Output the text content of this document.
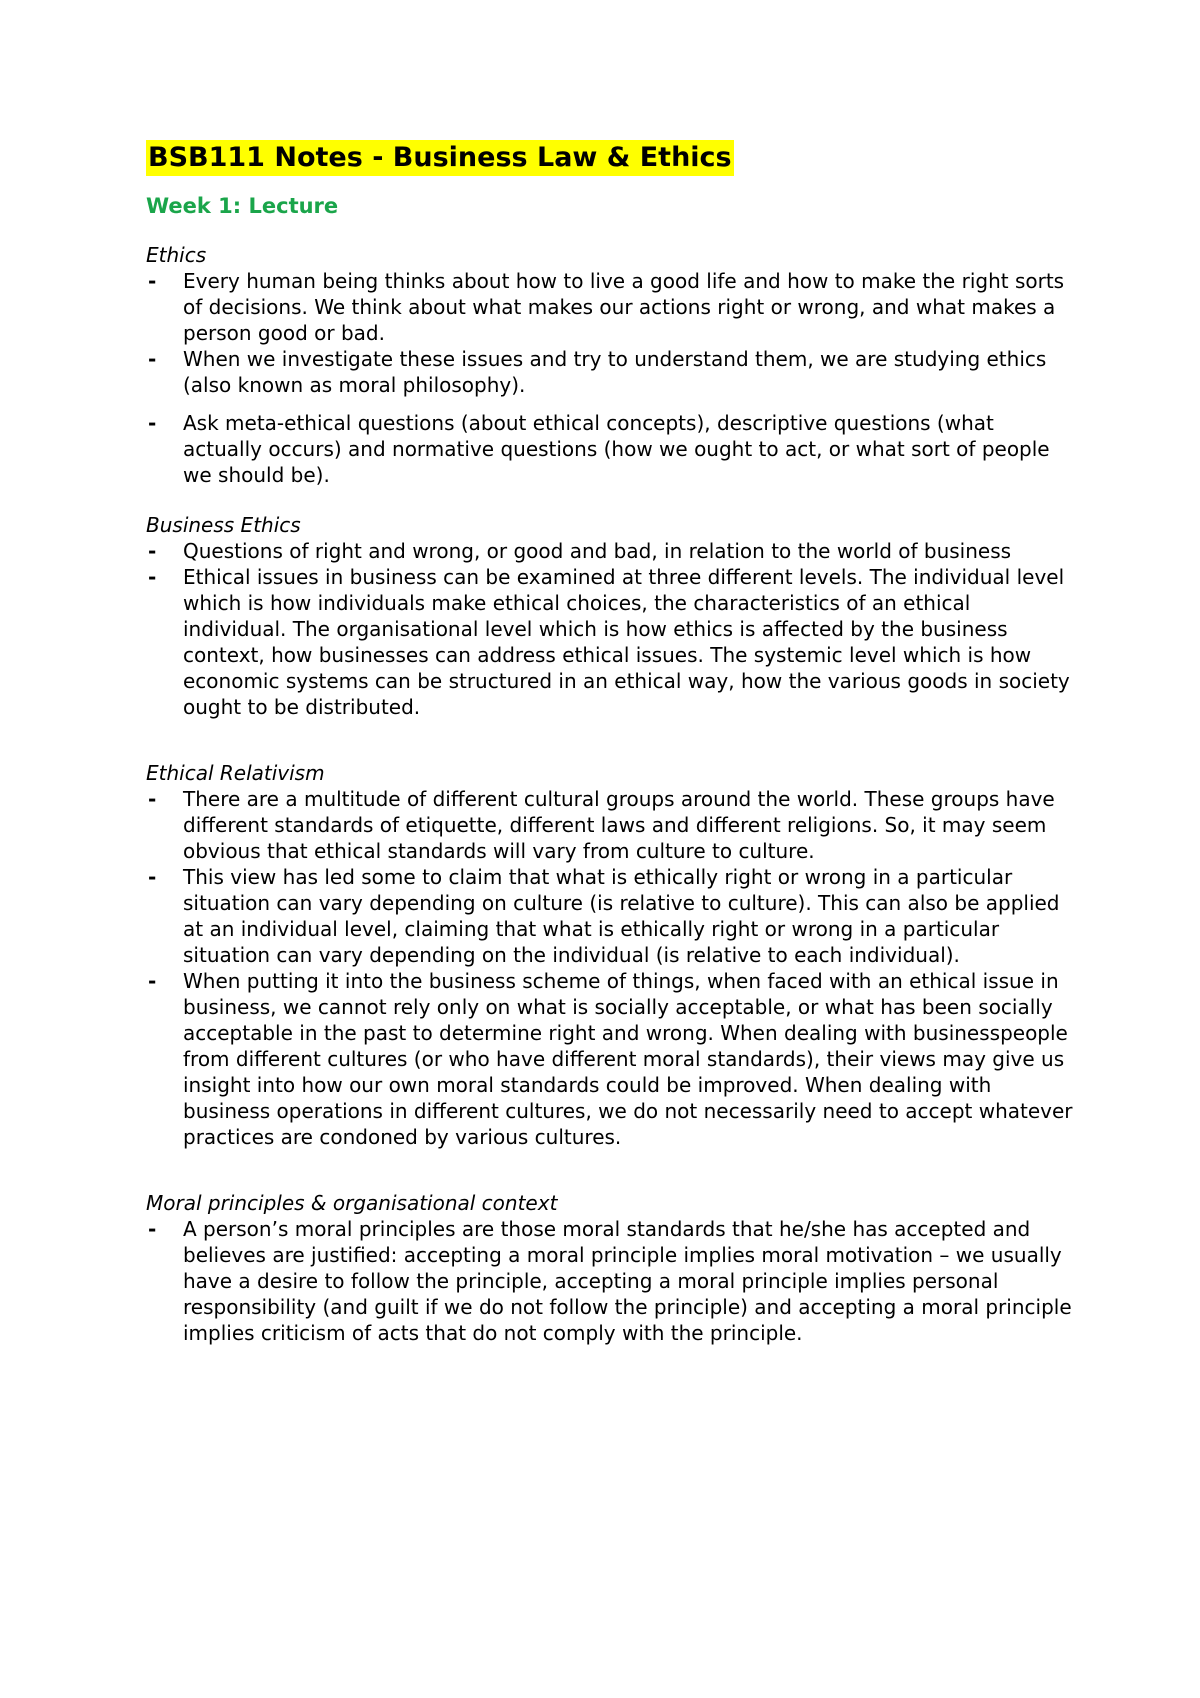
BSB111 Notes - Business Law & Ethics
Week 1: Lecture
Ethics
- Every human being thinks about how to live a good life and how to make the right sorts of decisions. We think about what makes our actions right or wrong, and what makes a person good or bad.
- When we investigate these issues and try to understand them, we are studying ethics (also known as moral philosophy).
- Ask meta-ethical questions (about ethical concepts), descriptive questions (what actually occurs) and normative questions (how we ought to act, or what sort of people we should be).
Business Ethics
- Questions of right and wrong, or good and bad, in relation to the world of business
- Ethical issues in business can be examined at three different levels. The individual level which is how individuals make ethical choices, the characteristics of an ethical individual. The organisational level which is how ethics is affected by the business context, how businesses can address ethical issues. The systemic level which is how economic systems can be structured in an ethical way, how the various goods in society ought to be distributed.
Ethical Relativism
- There are a multitude of different cultural groups around the world. These groups have different standards of etiquette, different laws and different religions. So, it may seem obvious that ethical standards will vary from culture to culture.
- This view has led some to claim that what is ethically right or wrong in a particular situation can vary depending on culture (is relative to culture). This can also be applied at an individual level, claiming that what is ethically right or wrong in a particular situation can vary depending on the individual (is relative to each individual).
- When putting it into the business scheme of things, when faced with an ethical issue in business, we cannot rely only on what is socially acceptable, or what has been socially acceptable in the past to determine right and wrong. When dealing with businesspeople from different cultures (or who have different moral standards), their views may give us insight into how our own moral standards could be improved. When dealing with business operations in different cultures, we do not necessarily need to accept whatever practices are condoned by various cultures.
Moral principles & organisational context
- A person’s moral principles are those moral standards that he/she has accepted and believes are justified: accepting a moral principle implies moral motivation – we usually have a desire to follow the principle, accepting a moral principle implies personal responsibility (and guilt if we do not follow the principle) and accepting a moral principle implies criticism of acts that do not comply with the principle.
